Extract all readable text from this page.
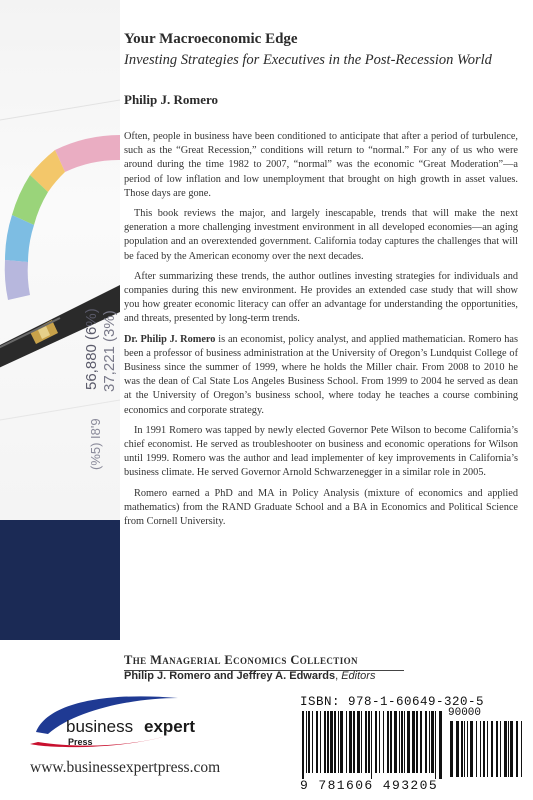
56,880 (6%) 37,221 (3%)
(%5) I8'9
Your Macroeconomic Edge
Investing Strategies for Executives in the Post-Recession World
Philip J. Romero

Often, people in business have been conditioned to anticipate that after a period of turbulence, such as the “Great Recession,” conditions will return to “normal.” For any of us who were around during the time 1982 to 2007, “normal” was the economic “Great Moderation”—a period of low inflation and low unemployment that brought on high growth in asset values. Those days are gone.

This book reviews the major, and largely inescapable, trends that will make the next generation a more challenging investment environment in all developed economies—an aging population and an overextended government. California today captures the challenges that will be faced by the American economy over the next decades.

After summarizing these trends, the author outlines investing strategies for individuals and companies during this new environment. He provides an extended case study that will show you how greater economic literacy can offer an advantage for understanding the opportunities, and threats, presented by long-term trends.

Dr. Philip J. Romero is an economist, policy analyst, and applied mathematician. Romero has been a professor of business administration at the University of Oregon’s Lundquist College of Business since the summer of 1999, where he holds the Miller chair. From 2008 to 2010 he was the dean of Cal State Los Angeles Business School. From 1999 to 2004 he served as dean at the University of Oregon’s business school, where today he teaches a course combining economics and corporate strategy.

In 1991 Romero was tapped by newly elected Governor Pete Wilson to become California’s chief economist. He served as troubleshooter on business and economic operations for Wilson until 1999. Romero was the author and lead implementer of key improvements in California’s business climate. He served Governor Arnold Schwarzenegger in a similar role in 2005.

Romero earned a PhD and MA in Policy Analysis (mixture of economics and applied mathematics) from the RAND Graduate School and a BA in Economics and Political Science from Cornell University.

The Managerial Economics Collection
Philip J. Romero and Jeffrey A. Edwards, Editors
business expert
Press
www.businessexpertpress.com
ISBN: 978-1-60649-320-5
90000
9 781606 493205
